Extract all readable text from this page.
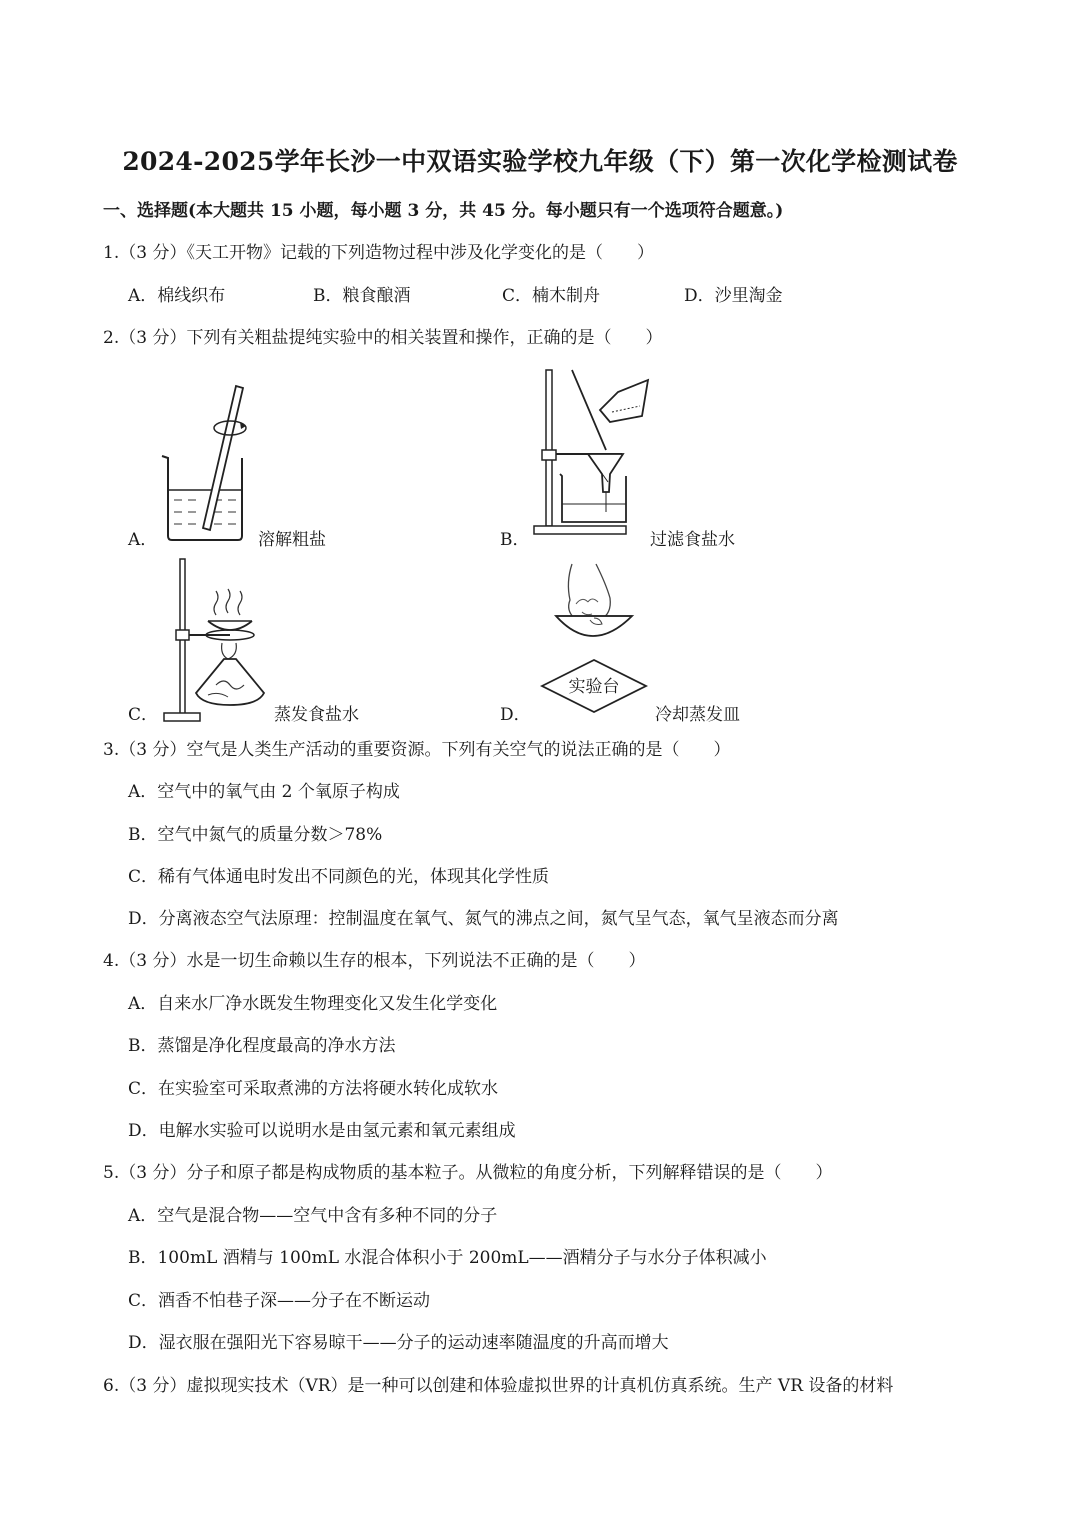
2024-2025学年长沙一中双语实验学校九年级（下）第一次化学检测试卷
一、选择题(本大题共 15 小题，每小题 3 分，共 45 分。每小题只有一个选项符合题意。)
1.（3 分）《天工开物》记载的下列造物过程中涉及化学变化的是（　　）
A．棉线织布	B．粮食酿酒	C．楠木制舟	D．沙里淘金
2.（3 分）下列有关粗盐提纯实验中的相关装置和操作，正确的是（　　）
A．	溶解粗盐	B．	过滤食盐水
C．	蒸发食盐水
实验台
D．	冷却蒸发皿
3.（3 分）空气是人类生产活动的重要资源。下列有关空气的说法正确的是（　　）
A．空气中的氧气由 2 个氧原子构成
B．空气中氮气的质量分数＞78%
C．稀有气体通电时发出不同颜色的光，体现其化学性质
D．分离液态空气法原理：控制温度在氧气、氮气的沸点之间，氮气呈气态，氧气呈液态而分离
4.（3 分）水是一切生命赖以生存的根本，下列说法不正确的是（　　）
A．自来水厂净水既发生物理变化又发生化学变化
B．蒸馏是净化程度最高的净水方法
C．在实验室可采取煮沸的方法将硬水转化成软水
D．电解水实验可以说明水是由氢元素和氧元素组成
5.（3 分）分子和原子都是构成物质的基本粒子。从微粒的角度分析，下列解释错误的是（　　）
A．空气是混合物——空气中含有多种不同的分子
B．100mL 酒精与 100mL 水混合体积小于 200mL——酒精分子与水分子体积减小
C．酒香不怕巷子深——分子在不断运动
D．湿衣服在强阳光下容易晾干——分子的运动速率随温度的升高而增大
6.（3 分）虚拟现实技术（VR）是一种可以创建和体验虚拟世界的计真机仿真系统。生产 VR 设备的材料
